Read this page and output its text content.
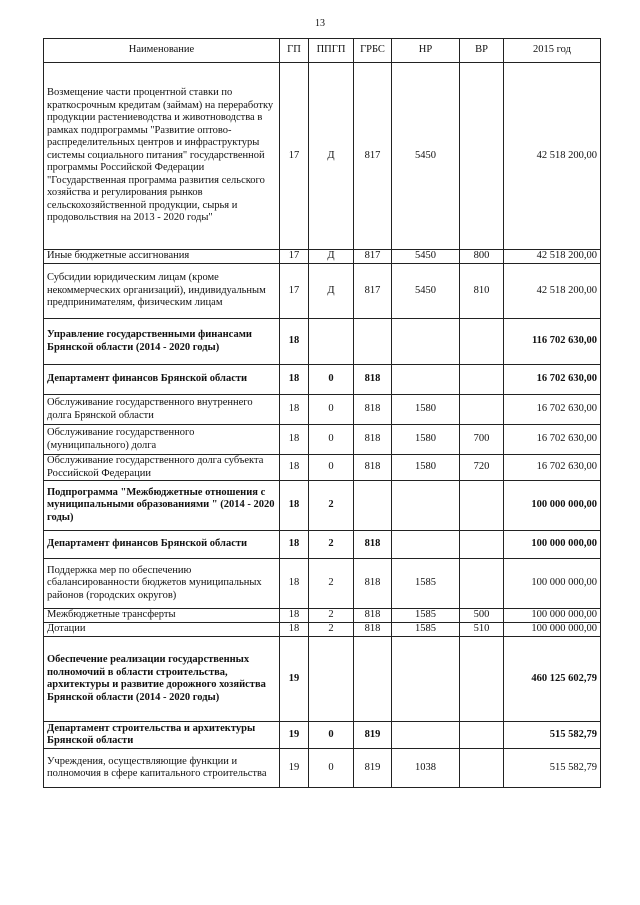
13
Наименование	ГП	ППГП	ГРБС	НР	ВР	2015 год
Возмещение части процентной ставки по краткосрочным кредитам (займам) на переработку продукции растениеводства и животноводства в рамках подпрограммы "Развитие оптово-распределительных центров и инфраструктуры системы социального питания" государственной программы Российской Федерации "Государственная программа развития сельского хозяйства и регулирования рынков сельскохозяйственной продукции, сырья и продовольствия на 2013 - 2020 годы"	17	Д	817	5450		42 518 200,00
Иные бюджетные ассигнования	17	Д	817	5450	800	42 518 200,00
Субсидии юридическим лицам (кроме некоммерческих организаций), индивидуальным предпринимателям, физическим лицам	17	Д	817	5450	810	42 518 200,00
Управление государственными финансами Брянской области (2014 - 2020 годы)	18					116 702 630,00
Департамент финансов Брянской области	18	0	818			16 702 630,00
Обслуживание государственного внутреннего долга Брянской области	18	0	818	1580		16 702 630,00
Обслуживание государственного (муниципального) долга	18	0	818	1580	700	16 702 630,00
Обслуживание государственного долга субъекта Российской Федерации	18	0	818	1580	720	16 702 630,00
Подпрограмма "Межбюджетные отношения с муниципальными образованиями " (2014 - 2020 годы)	18	2				100 000 000,00
Департамент финансов Брянской области	18	2	818			100 000 000,00
Поддержка мер по обеспечению сбалансированности бюджетов муниципальных районов (городских округов)	18	2	818	1585		100 000 000,00
Межбюджетные трансферты	18	2	818	1585	500	100 000 000,00
Дотации	18	2	818	1585	510	100 000 000,00
Обеспечение реализации государственных полномочий в области строительства, архитектуры и развитие дорожного хозяйства Брянской области (2014 - 2020 годы)	19					460 125 602,79
Департамент строительства и архитектуры Брянской области	19	0	819			515 582,79
Учреждения, осуществляющие функции и полномочия в сфере капитального строительства	19	0	819	1038		515 582,79
